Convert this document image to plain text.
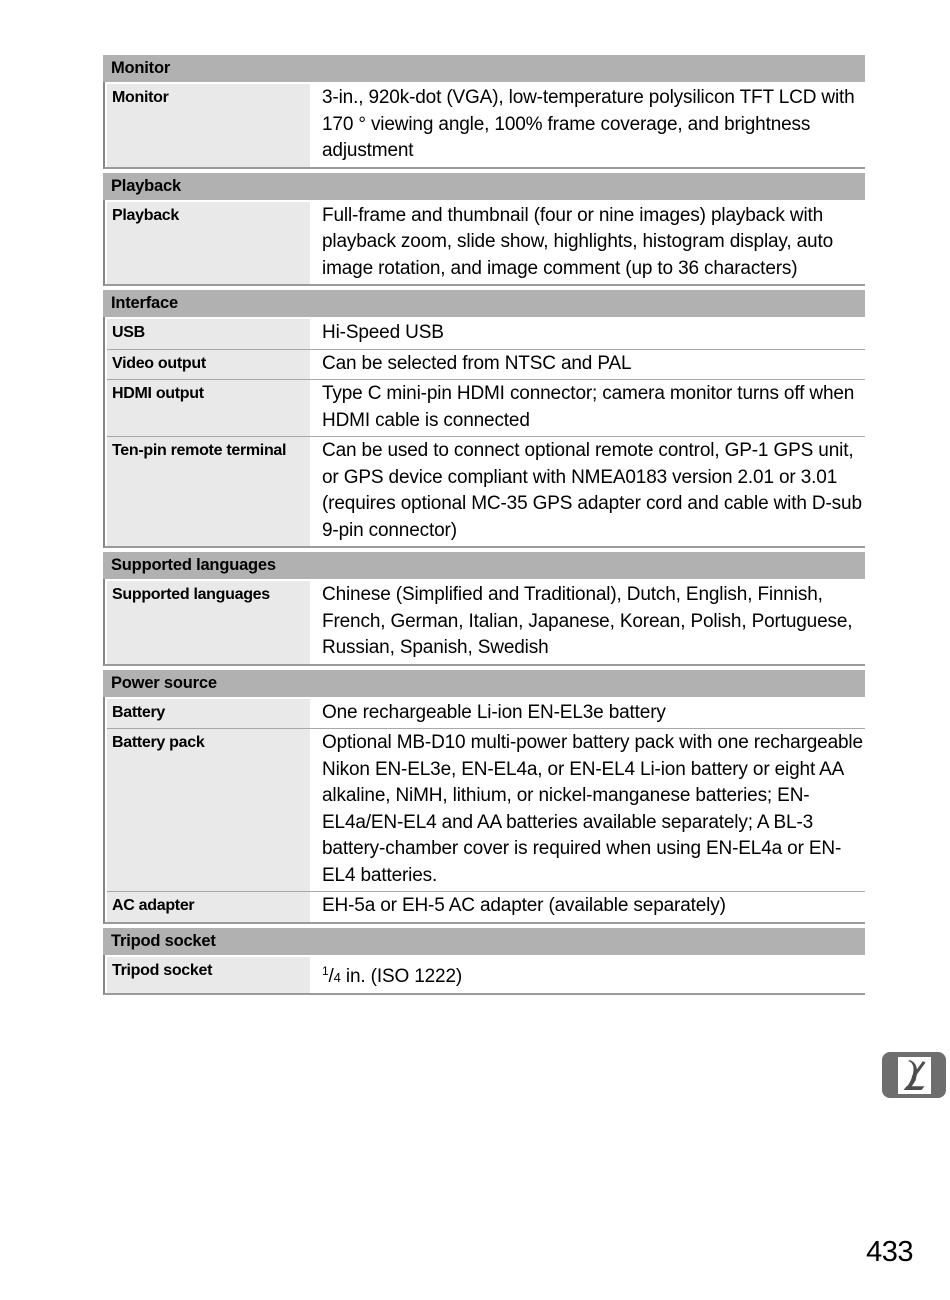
Monitor
Monitor	3-in., 920k-dot (VGA), low-temperature polysilicon TFT LCD with 170 ° viewing angle, 100% frame coverage, and brightness adjustment
Playback
Playback	Full-frame and thumbnail (four or nine images) playback with playback zoom, slide show, highlights, histogram display, auto image rotation, and image comment (up to 36 characters)
Interface
USB	Hi-Speed USB
Video output	Can be selected from NTSC and PAL
HDMI output	Type C mini-pin HDMI connector; camera monitor turns off when HDMI cable is connected
Ten-pin remote terminal	Can be used to connect optional remote control, GP-1 GPS unit, or GPS device compliant with NMEA0183 version 2.01 or 3.01 (requires optional MC-35 GPS adapter cord and cable with D-sub 9-pin connector)
Supported languages
Supported languages	Chinese (Simplified and Traditional), Dutch, English, Finnish, French, German, Italian, Japanese, Korean, Polish, Portuguese, Russian, Spanish, Swedish
Power source
Battery	One rechargeable Li-ion EN-EL3e battery
Battery pack	Optional MB-D10 multi-power battery pack with one rechargeable Nikon EN-EL3e, EN-EL4a, or EN-EL4 Li-ion battery or eight AA alkaline, NiMH, lithium, or nickel-manganese batteries; EN-EL4a/EN-EL4 and AA batteries available separately; A BL-3 battery-chamber cover is required when using EN-EL4a or EN-EL4 batteries.
AC adapter	EH-5a or EH-5 AC adapter (available separately)
Tripod socket
Tripod socket	$^1$/4 in. (ISO 1222)
433
